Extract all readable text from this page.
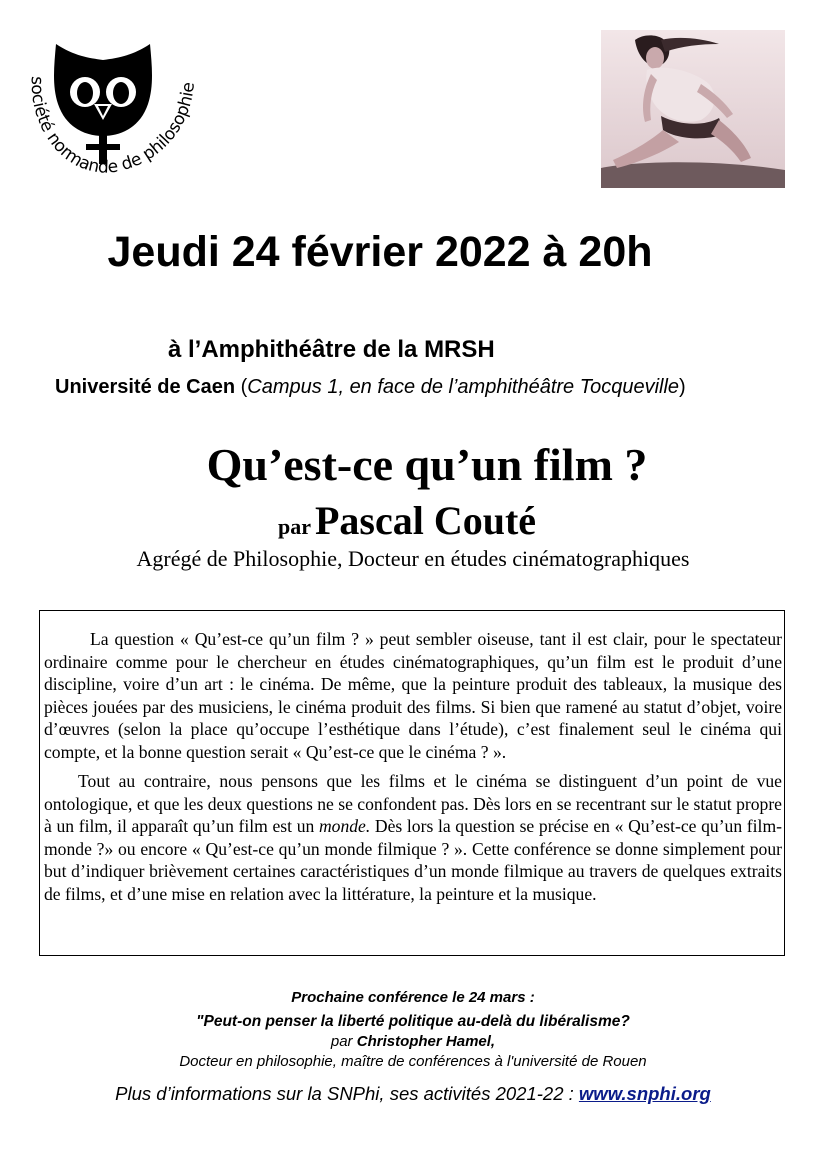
société normande de philosophie
Jeudi 24 février 2022 à 20h
à l’Amphithéâtre de la MRSH
Université de Caen (Campus 1, en face de l’amphithéâtre Tocqueville)
Qu’est-ce qu’un film ?
par Pascal Couté
Agrégé de Philosophie, Docteur en études cinématographiques

La question « Qu’est-ce qu’un film ? » peut sembler oiseuse, tant il est clair, pour le spectateur ordinaire comme pour le chercheur en études cinématographiques, qu’un film est le produit d’une discipline, voire d’un art : le cinéma. De même, que la peinture produit des tableaux, la musique des pièces jouées par des musiciens, le cinéma produit des films. Si bien que ramené au statut d’objet, voire d’œuvres (selon la place qu’occupe l’esthétique dans l’étude), c’est finalement seul le cinéma qui compte, et la bonne question serait « Qu’est-ce que le cinéma ? ».

Tout au contraire, nous pensons que les films et le cinéma se distinguent d’un point de vue ontologique, et que les deux questions ne se confondent pas. Dès lors en se recentrant sur le statut propre à un film, il apparaît qu’un film est un monde. Dès lors la question se précise en « Qu’est-ce qu’un film-monde ?» ou encore « Qu’est-ce qu’un monde filmique ? ». Cette conférence se donne simplement pour but d’indiquer brièvement certaines caractéristiques d’un monde filmique au travers de quelques extraits de films, et d’une mise en relation avec la littérature, la peinture et la musique.

Prochaine conférence le 24 mars :
"Peut-on penser la liberté politique au-delà du libéralisme?
par Christopher Hamel,
Docteur en philosophie, maître de conférences à l'université de Rouen
Plus d’informations sur la SNPhi, ses activités 2021-22 : www.snphi.org
